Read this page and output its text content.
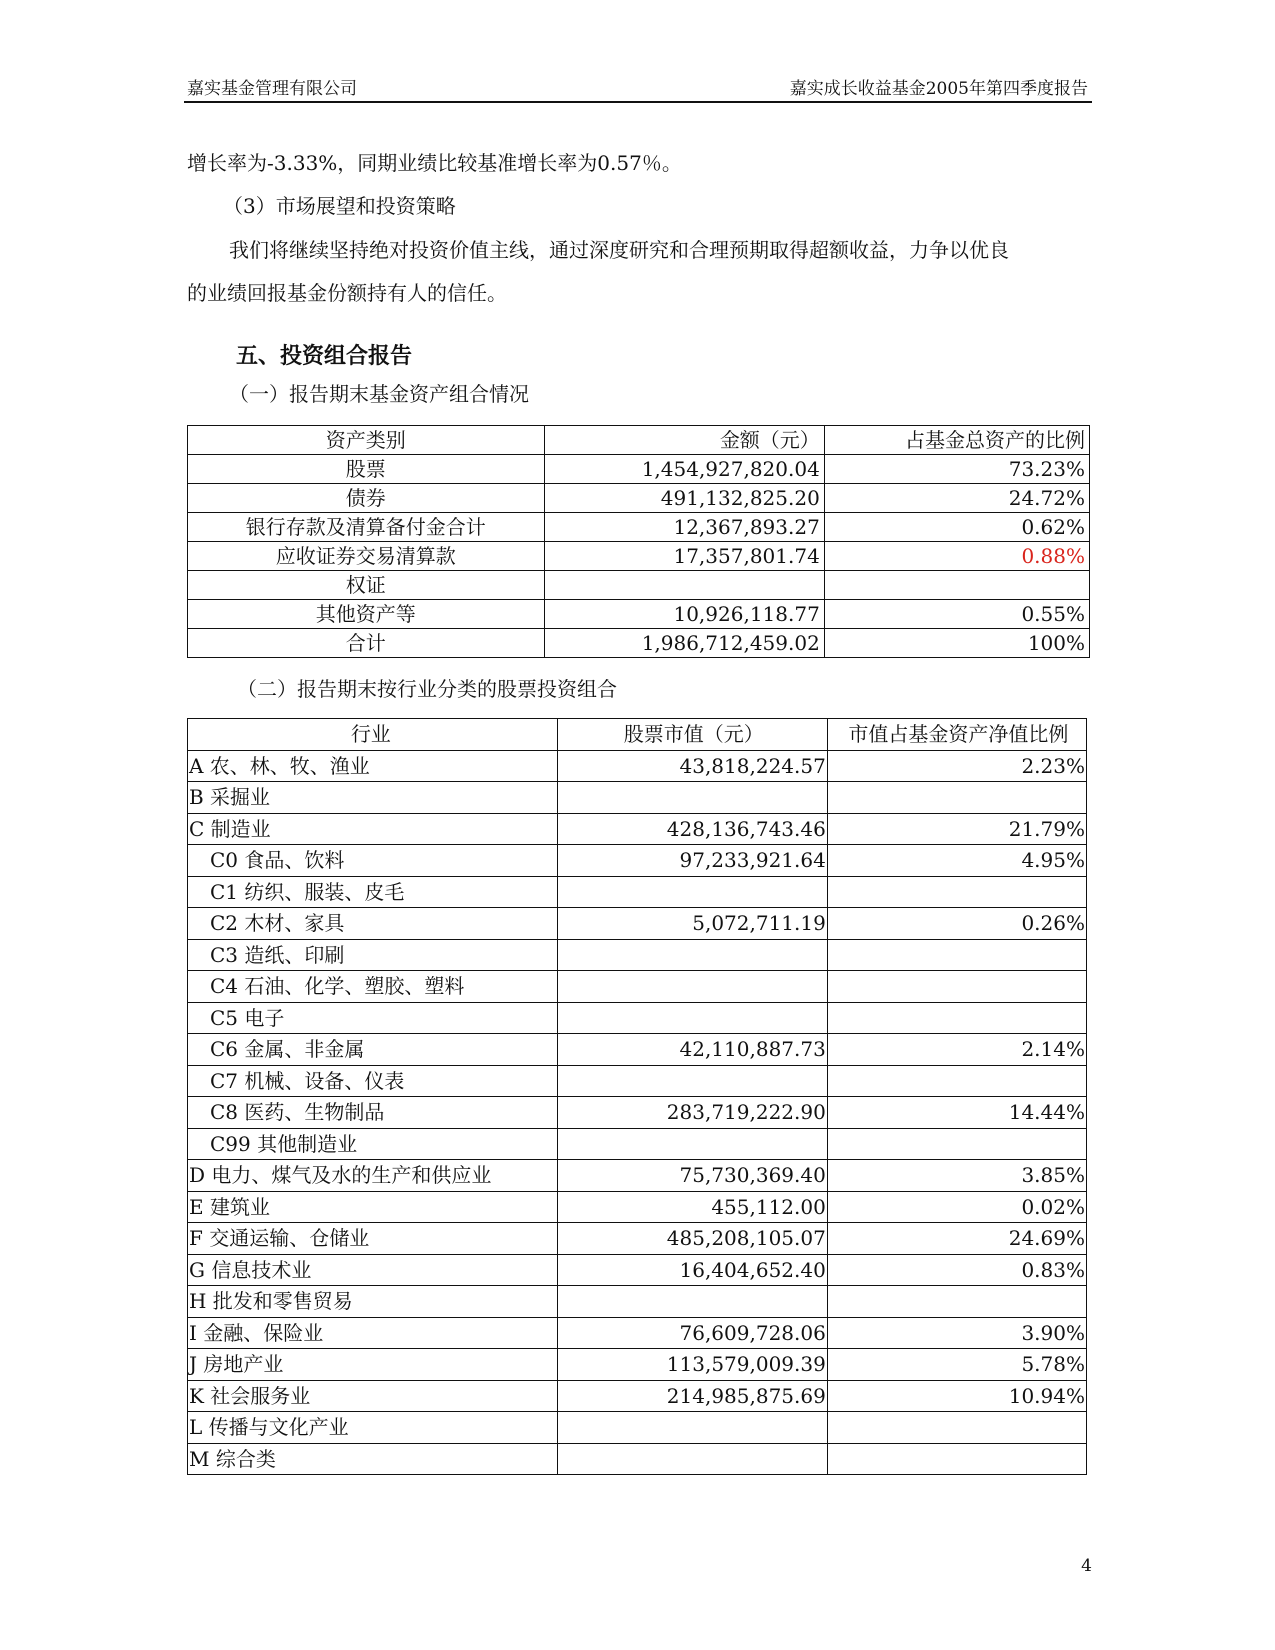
嘉实基金管理有限公司	嘉实成长收益基金2005年第四季度报告
增长率为-3.33%，同期业绩比较基准增长率为0.57％。
（3）市场展望和投资策略
我们将继续坚持绝对投资价值主线，通过深度研究和合理预期取得超额收益，力争以优良
的业绩回报基金份额持有人的信任。
五、投资组合报告
（一）报告期末基金资产组合情况
资产类别	金额（元）	占基金总资产的比例
股票	1,454,927,820.04	73.23%
债券	491,132,825.20	24.72%
银行存款及清算备付金合计	12,367,893.27	0.62%
应收证券交易清算款	17,357,801.74	0.88%
权证		
其他资产等	10,926,118.77	0.55%
合计	1,986,712,459.02	100%
（二）报告期末按行业分类的股票投资组合
行业	股票市值（元）	市值占基金资产净值比例
A 农、林、牧、渔业	43,818,224.57	2.23%
B 采掘业		
C 制造业	428,136,743.46	21.79%
C0 食品、饮料	97,233,921.64	4.95%
C1 纺织、服装、皮毛		
C2 木材、家具	5,072,711.19	0.26%
C3 造纸、印刷		
C4 石油、化学、塑胶、塑料		
C5 电子		
C6 金属、非金属	42,110,887.73	2.14%
C7 机械、设备、仪表		
C8 医药、生物制品	283,719,222.90	14.44%
C99 其他制造业		
D 电力、煤气及水的生产和供应业	75,730,369.40	3.85%
E 建筑业	455,112.00	0.02%
F 交通运输、仓储业	485,208,105.07	24.69%
G 信息技术业	16,404,652.40	0.83%
H 批发和零售贸易		
I 金融、保险业	76,609,728.06	3.90%
J 房地产业	113,579,009.39	5.78%
K 社会服务业	214,985,875.69	10.94%
L 传播与文化产业		
M 综合类		
4
